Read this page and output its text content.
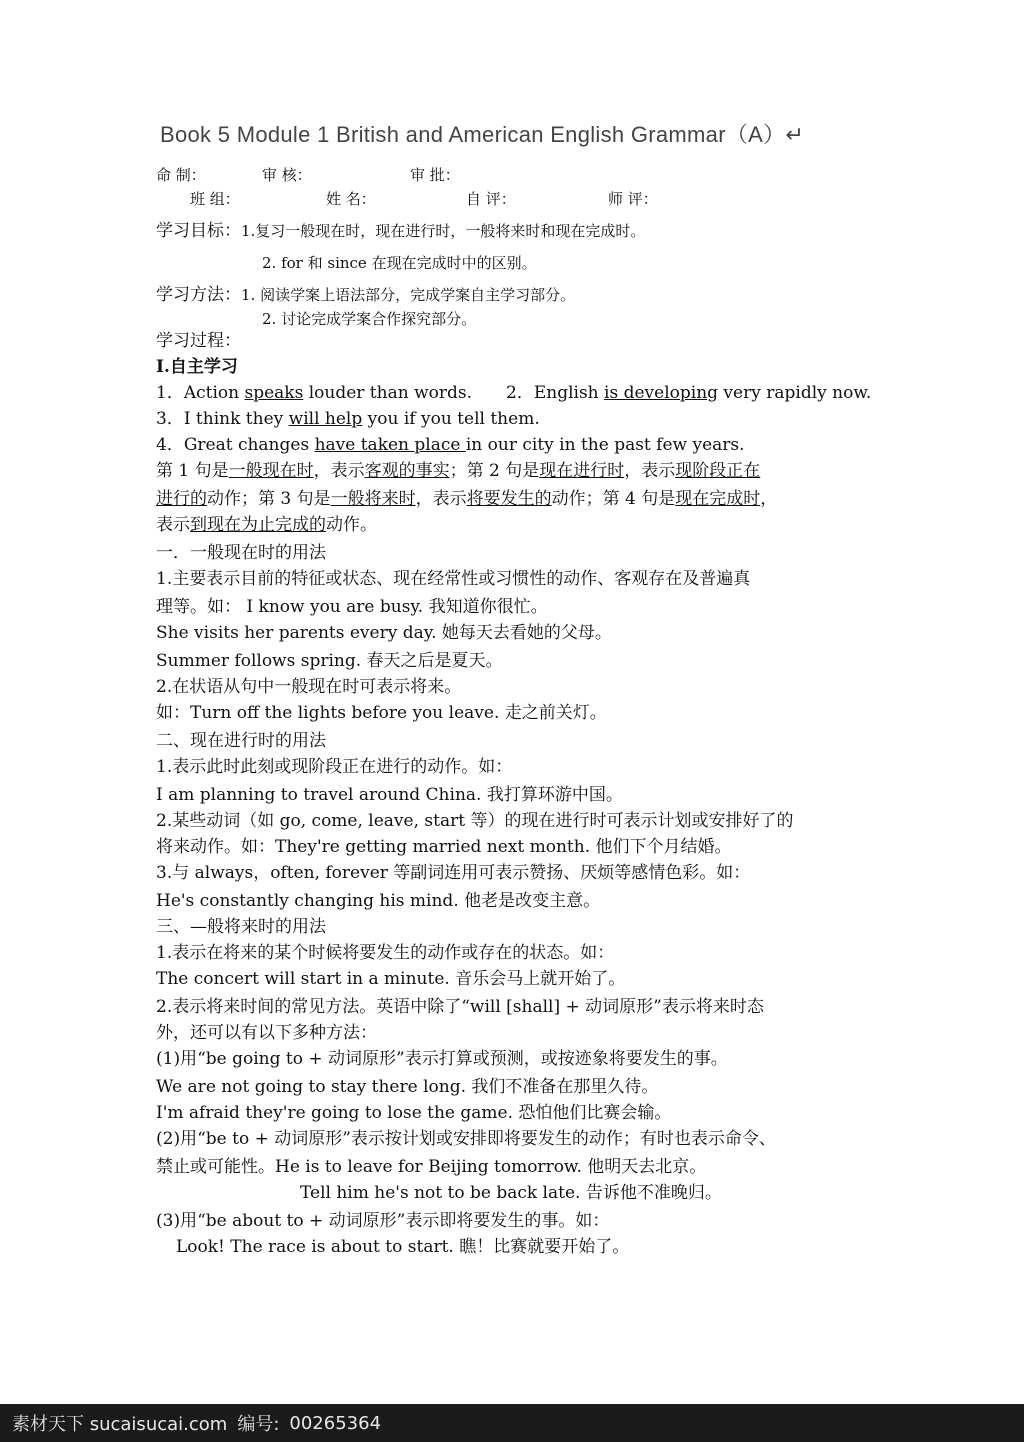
Book 5 Module 1 British and American English Grammar（A）↵
命 制：	审 核：	审 批：
班 组：	姓 名：	自 评：	师 评：
学习目标：1.复习一般现在时，现在进行时，一般将来时和现在完成时。
2. for 和 since 在现在完成时中的区别。
学习方法：1. 阅读学案上语法部分，完成学案自主学习部分。
2. 讨论完成学案合作探究部分。
学习过程：
Ⅰ.自主学习
1．Action speaks louder than words. 2．English is developing very rapidly now.
3．I think they will help you if you tell them.
4．Great changes have taken place in our city in the past few years.
第 1 句是一般现在时，表示客观的事实；第 2 句是现在进行时，表示现阶段正在
进行的动作；第 3 句是一般将来时，表示将要发生的动作；第 4 句是现在完成时，
表示到现在为止完成的动作。
一．一般现在时的用法
1.主要表示目前的特征或状态、现在经常性或习惯性的动作、客观存在及普遍真
理等。如： I know you are busy. 我知道你很忙。
She visits her parents every day. 她每天去看她的父母。
Summer follows spring. 春天之后是夏天。
2.在状语从句中一般现在时可表示将来。
如：Turn off the lights before you leave. 走之前关灯。
二、现在进行时的用法
1.表示此时此刻或现阶段正在进行的动作。如：
I am planning to travel around China. 我打算环游中国。
2.某些动词（如 go, come, leave, start 等）的现在进行时可表示计划或安排好了的
将来动作。如：They're getting married next month. 他们下个月结婚。
3.与 always，often, forever 等副词连用可表示赞扬、厌烦等感情色彩。如：
He's constantly changing his mind. 他老是改变主意。
三、—般将来时的用法
1.表示在将来的某个时候将要发生的动作或存在的状态。如：
The concert will start in a minute. 音乐会马上就开始了。
2.表示将来时间的常见方法。英语中除了“will [shall] + 动词原形”表示将来时态
外，还可以有以下多种方法：
(1)用“be going to + 动词原形”表示打算或预测，或按迹象将要发生的事。
We are not going to stay there long. 我们不准备在那里久待。
I'm afraid they're going to lose the game. 恐怕他们比赛会输。
(2)用“be to + 动词原形”表示按计划或安排即将要发生的动作；有时也表示命令、
禁止或可能性。He is to leave for Beijing tomorrow. 他明天去北京。
Tell him he's not to be back late. 告诉他不准晚归。
(3)用“be about to + 动词原形”表示即将要发生的事。如：
Look! The race is about to start. 瞧！比赛就要开始了。
素材天下 sucaisucai.com 编号: 00265364
